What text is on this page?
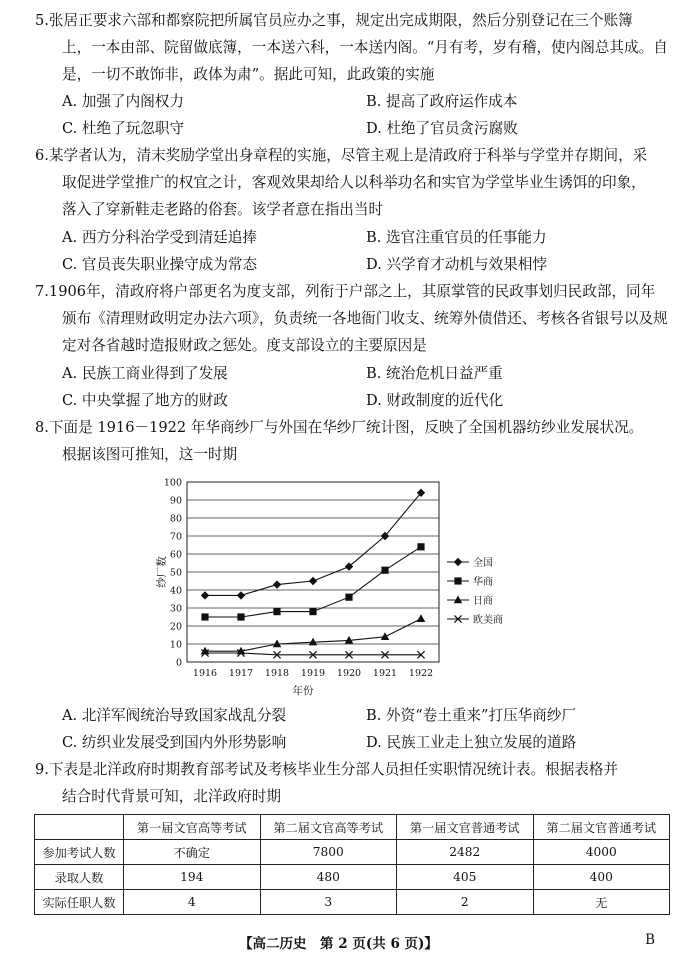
5.张居正要求六部和都察院把所属官员应办之事，规定出完成期限，然后分别登记在三个账簿
上，一本由部、院留做底簿，一本送六科，一本送内阁。“月有考，岁有稽，使内阁总其成。自
是，一切不敢饰非，政体为肃”。据此可知，此政策的实施
A. 加强了内阁权力	B. 提高了政府运作成本
C. 杜绝了玩忽职守	D. 杜绝了官员贪污腐败
6.某学者认为，清末奖励学堂出身章程的实施，尽管主观上是清政府于科举与学堂并存期间，采
取促进学堂推广的权宜之计，客观效果却给人以科举功名和实官为学堂毕业生诱饵的印象，
落入了穿新鞋走老路的俗套。该学者意在指出当时
A. 西方分科治学受到清廷追捧	B. 选官注重官员的任事能力
C. 官员丧失职业操守成为常态	D. 兴学育才动机与效果相悖
7.1906年，清政府将户部更名为度支部，列衔于户部之上，其原掌管的民政事划归民政部，同年
颁布《清理财政明定办法六项》，负责统一各地衙门收支、统筹外债借还、考核各省银号以及规
定对各省越时造报财政之惩处。度支部设立的主要原因是
A. 民族工商业得到了发展	B. 统治危机日益严重
C. 中央掌握了地方的财政	D. 财政制度的近代化
8.下面是 1916－1922 年华商纱厂与外国在华纱厂统计图，反映了全国机器纺纱业发展状况。
根据该图可推知，这一时期
0
10
20
30
40
50
60
70
80
90
100
1916 1917 1918 1919 1920 1921 1922
年份
纱厂数	全国
华商
日商
欧美商
A. 北洋军阀统治导致国家战乱分裂	B. 外资“卷土重来”打压华商纱厂
C. 纺织业发展受到国内外形势影响	D. 民族工业走上独立发展的道路
9.下表是北洋政府时期教育部考试及考核毕业生分部人员担任实职情况统计表。根据表格并
结合时代背景可知，北洋政府时期
	第一届文官高等考试	第二届文官高等考试	第一届文官普通考试	第二届文官普通考试
参加考试人数	不确定	7800	2482	4000
录取人数	194	480	405	400
实际任职人数	4	3	2	无
【高二历史　第 2 页(共 6 页)】	B
